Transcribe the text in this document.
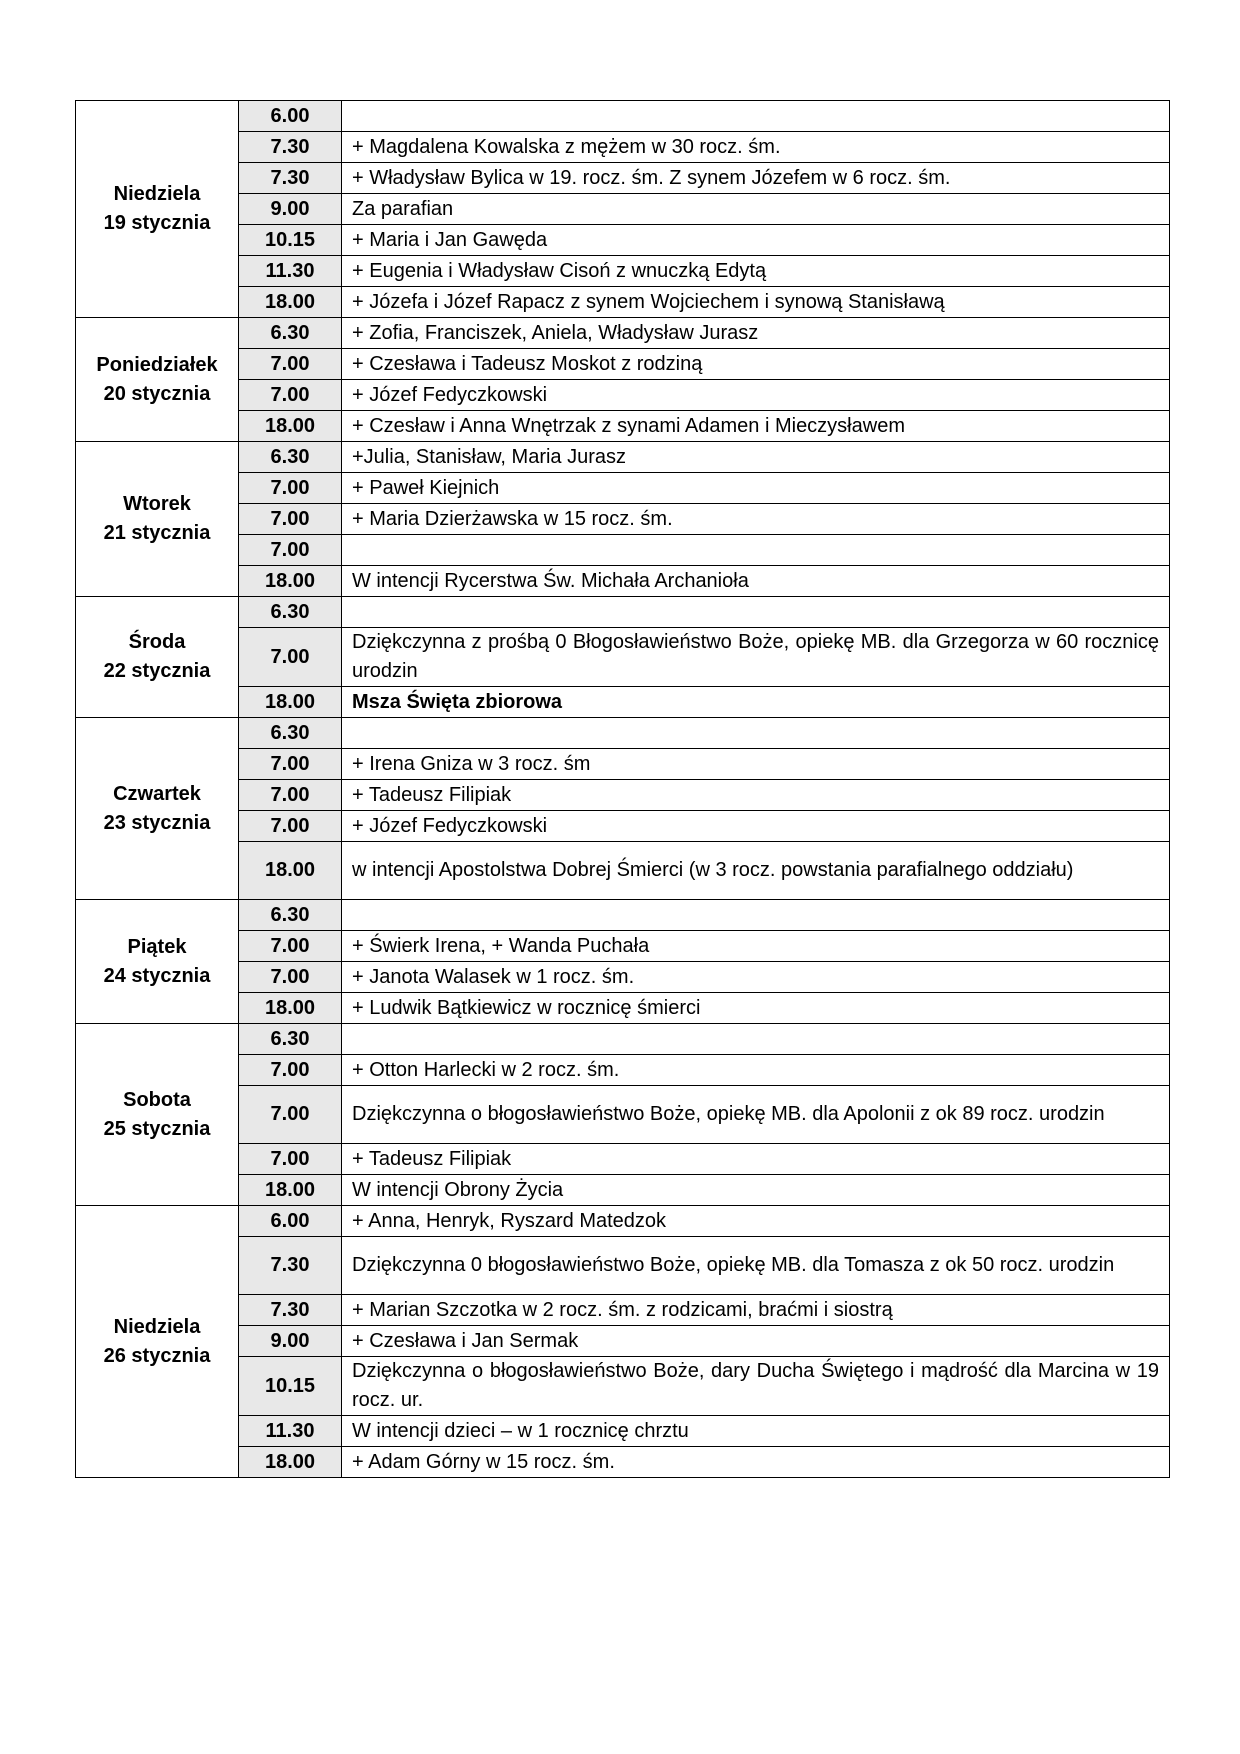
Niedziela
19 stycznia	6.00	
	7.30	+ Magdalena Kowalska z mężem w 30 rocz. śm.
	7.30	+ Władysław Bylica w 19. rocz. śm. Z synem Józefem w 6 rocz. śm.
	9.00	Za parafian
	10.15	+ Maria i Jan Gawęda
	11.30	+ Eugenia i Władysław Cisoń z wnuczką Edytą
	18.00	+ Józefa i Józef Rapacz z synem Wojciechem i synową Stanisławą

Poniedziałek
20 stycznia	6.30	+ Zofia, Franciszek, Aniela, Władysław Jurasz
	7.00	+ Czesława i Tadeusz Moskot z rodziną
	7.00	+ Józef Fedyczkowski
	18.00	+ Czesław i Anna Wnętrzak z synami Adamen i Mieczysławem

Wtorek
21 stycznia	6.30	+Julia, Stanisław, Maria Jurasz
	7.00	+ Paweł Kiejnich
	7.00	+ Maria Dzierżawska w 15 rocz. śm.
	7.00	
	18.00	W intencji Rycerstwa Św. Michała Archanioła

Środa
22 stycznia	6.30	
	7.00	Dziękczynna z prośbą 0 Błogosławieństwo Boże, opiekę MB. dla Grzegorza w 60 rocznicę urodzin
	18.00	Msza Święta zbiorowa

Czwartek
23 stycznia	6.30	
	7.00	+ Irena Gniza w 3 rocz. śm
	7.00	+ Tadeusz Filipiak
	7.00	+ Józef Fedyczkowski
	18.00	w intencji Apostolstwa Dobrej Śmierci (w 3 rocz. powstania parafialnego oddziału)

Piątek
24 stycznia	6.30	
	7.00	+ Świerk Irena, + Wanda Puchała
	7.00	+ Janota Walasek w 1 rocz. śm.
	18.00	+ Ludwik Bątkiewicz w rocznicę śmierci

Sobota
25 stycznia	6.30	
	7.00	+ Otton Harlecki w 2 rocz. śm.
	7.00	Dziękczynna o błogosławieństwo Boże, opiekę MB. dla Apolonii z ok 89 rocz. urodzin
	7.00	+ Tadeusz Filipiak
	18.00	W intencji Obrony Życia

Niedziela
26 stycznia	6.00	+ Anna, Henryk, Ryszard Matedzok
	7.30	Dziękczynna 0 błogosławieństwo Boże, opiekę MB. dla Tomasza z ok 50 rocz. urodzin
	7.30	+ Marian Szczotka w 2 rocz. śm. z rodzicami, braćmi i siostrą
	9.00	+ Czesława i Jan Sermak
	10.15	Dziękczynna o błogosławieństwo Boże, dary Ducha Świętego i mądrość dla Marcina w 19 rocz. ur.
	11.30	W intencji dzieci – w 1 rocznicę chrztu
	18.00	+ Adam Górny w 15 rocz. śm.
